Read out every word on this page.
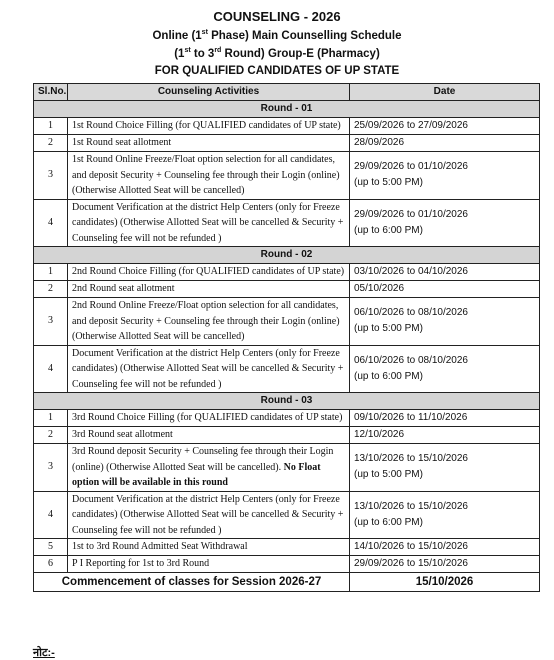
COUNSELING - 2026
Online (1st Phase) Main Counselling Schedule
(1st to 3rd Round) Group-E (Pharmacy)
FOR QUALIFIED CANDIDATES OF UP STATE
Sl.No.	Counseling Activities	Date
Round - 01		
1	1st Round Choice Filling (for QUALIFIED candidates of UP state)	25/09/2026 to 27/09/2026
2	1st Round seat allotment	28/09/2026
3	1st Round Online Freeze/Float option selection for all candidates, and deposit Security + Counseling fee through their Login (online) (Otherwise Allotted Seat will be cancelled)	29/09/2026 to 01/10/2026
(up to 5:00 PM)

4	Document Verification at the district Help Centers (only for Freeze candidates) (Otherwise Allotted Seat will be cancelled & Security + Counseling fee will not be refunded )	29/09/2026 to 01/10/2026
(up to 6:00 PM)

Round - 02		
1	2nd Round Choice Filling (for QUALIFIED candidates of UP state)	03/10/2026 to 04/10/2026
2	2nd Round seat allotment	05/10/2026
3	2nd Round Online Freeze/Float option selection for all candidates, and deposit Security + Counseling fee through their Login (online) (Otherwise Allotted Seat will be cancelled)	06/10/2026 to 08/10/2026
(up to 5:00 PM)

4	Document Verification at the district Help Centers (only for Freeze candidates) (Otherwise Allotted Seat will be cancelled & Security + Counseling fee will not be refunded )	06/10/2026 to 08/10/2026
(up to 6:00 PM)

Round - 03		
1	3rd Round Choice Filling (for QUALIFIED candidates of UP state)	09/10/2026 to 11/10/2026
2	3rd Round seat allotment	12/10/2026
3	3rd Round deposit Security + Counseling fee through their Login (online) (Otherwise Allotted Seat will be cancelled). No Float option will be available in this round	13/10/2026 to 15/10/2026
(up to 5:00 PM)

4	Document Verification at the district Help Centers (only for Freeze candidates) (Otherwise Allotted Seat will be cancelled & Security + Counseling fee will not be refunded )	13/10/2026 to 15/10/2026
(up to 6:00 PM)

5	1st to 3rd Round Admitted Seat Withdrawal	14/10/2026 to 15/10/2026
6	P I Reporting for 1st to 3rd Round	29/09/2026 to 15/10/2026
Commencement of classes for Session 2026-27		15/10/2026
नोट:-
